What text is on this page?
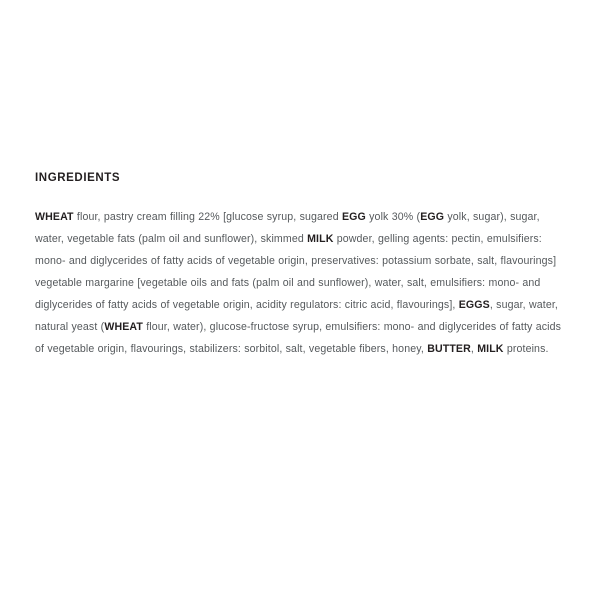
INGREDIENTS

WHEAT flour, pastry cream filling 22% [glucose syrup, sugared EGG yolk 30% (EGG yolk, sugar), sugar, water, vegetable fats (palm oil and sunflower), skimmed MILK powder, gelling agents: pectin, emulsifiers: mono- and diglycerides of fatty acids of vegetable origin, preservatives: potassium sorbate, salt, flavourings] vegetable margarine [vegetable oils and fats (palm oil and sunflower), water, salt, emulsifiers: mono- and diglycerides of fatty acids of vegetable origin, acidity regulators: citric acid, flavourings], EGGS, sugar, water, natural yeast (WHEAT flour, water), glucose-fructose syrup, emulsifiers: mono- and diglycerides of fatty acids of vegetable origin, flavourings, stabilizers: sorbitol, salt, vegetable fibers, honey, BUTTER, MILK proteins.
